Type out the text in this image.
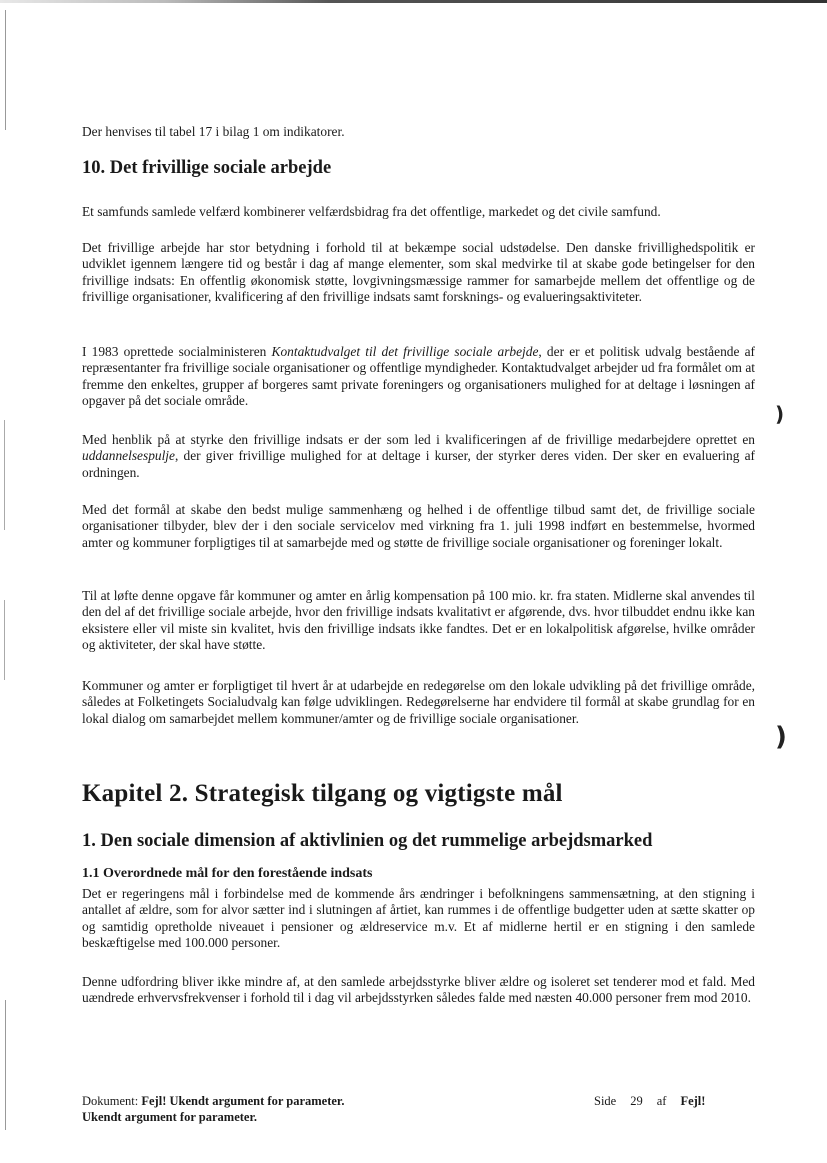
)
)

Der henvises til tabel 17 i bilag 1 om indikatorer.

10. Det frivillige sociale arbejde

Et samfunds samlede velfærd kombinerer velfærdsbidrag fra det offentlige, markedet og det civile samfund.

Det frivillige arbejde har stor betydning i forhold til at bekæmpe social udstødelse. Den danske frivillighedspolitik er udviklet igennem længere tid og består i dag af mange elementer, som skal medvirke til at skabe gode betingelser for den frivillige indsats: En offentlig økonomisk støtte, lovgivningsmæssige rammer for samarbejde mellem det offentlige og de frivillige organisationer, kvalificering af den frivillige indsats samt forsknings- og evalueringsaktiviteter.

I 1983 oprettede socialministeren Kontaktudvalget til det frivillige sociale arbejde, der er et politisk udvalg bestående af repræsentanter fra frivillige sociale organisationer og offentlige myndigheder. Kontaktudvalget arbejder ud fra formålet om at fremme den enkeltes, grupper af borgeres samt private foreningers og organisationers mulighed for at deltage i løsningen af opgaver på det sociale område.

Med henblik på at styrke den frivillige indsats er der som led i kvalificeringen af de frivillige medarbejdere oprettet en uddannelsespulje, der giver frivillige mulighed for at deltage i kurser, der styrker deres viden. Der sker en evaluering af ordningen.

Med det formål at skabe den bedst mulige sammenhæng og helhed i de offentlige tilbud samt det, de frivillige sociale organisationer tilbyder, blev der i den sociale servicelov med virkning fra 1. juli 1998 indført en bestemmelse, hvormed amter og kommuner forpligtiges til at samarbejde med og støtte de frivillige sociale organisationer og foreninger lokalt.

Til at løfte denne opgave får kommuner og amter en årlig kompensation på 100 mio. kr. fra staten. Midlerne skal anvendes til den del af det frivillige sociale arbejde, hvor den frivillige indsats kvalitativt er afgørende, dvs. hvor tilbuddet endnu ikke kan eksistere eller vil miste sin kvalitet, hvis den frivillige indsats ikke fandtes. Det er en lokalpolitisk afgørelse, hvilke områder og aktiviteter, der skal have støtte.

Kommuner og amter er forpligtiget til hvert år at udarbejde en redegørelse om den lokale udvikling på det frivillige område, således at Folketingets Socialudvalg kan følge udviklingen. Redegørelserne har endvidere til formål at skabe grundlag for en lokal dialog om samarbejdet mellem kommuner/amter og de frivillige sociale organisationer.

Kapitel 2. Strategisk tilgang og vigtigste mål
1. Den sociale dimension af aktivlinien og det rummelige arbejdsmarked
1.1 Overordnede mål for den forestående indsats

Det er regeringens mål i forbindelse med de kommende års ændringer i befolkningens sammensætning, at den stigning i antallet af ældre, som for alvor sætter ind i slutningen af årtiet, kan rummes i de offentlige budgetter uden at sætte skatter op og samtidig opretholde niveauet i pensioner og ældreservice m.v. Et af midlerne hertil er en stigning i den samlede beskæftigelse med 100.000 personer.

Denne udfordring bliver ikke mindre af, at den samlede arbejdsstyrke bliver ældre og isoleret set tenderer mod et fald. Med uændrede erhvervsfrekvenser i forhold til i dag vil arbejdsstyrken således falde med næsten 40.000 personer frem mod 2010.

Dokument: Fejl! Ukendt argument for parameter.
Ukendt argument for parameter.
Side 29 af Fejl!
